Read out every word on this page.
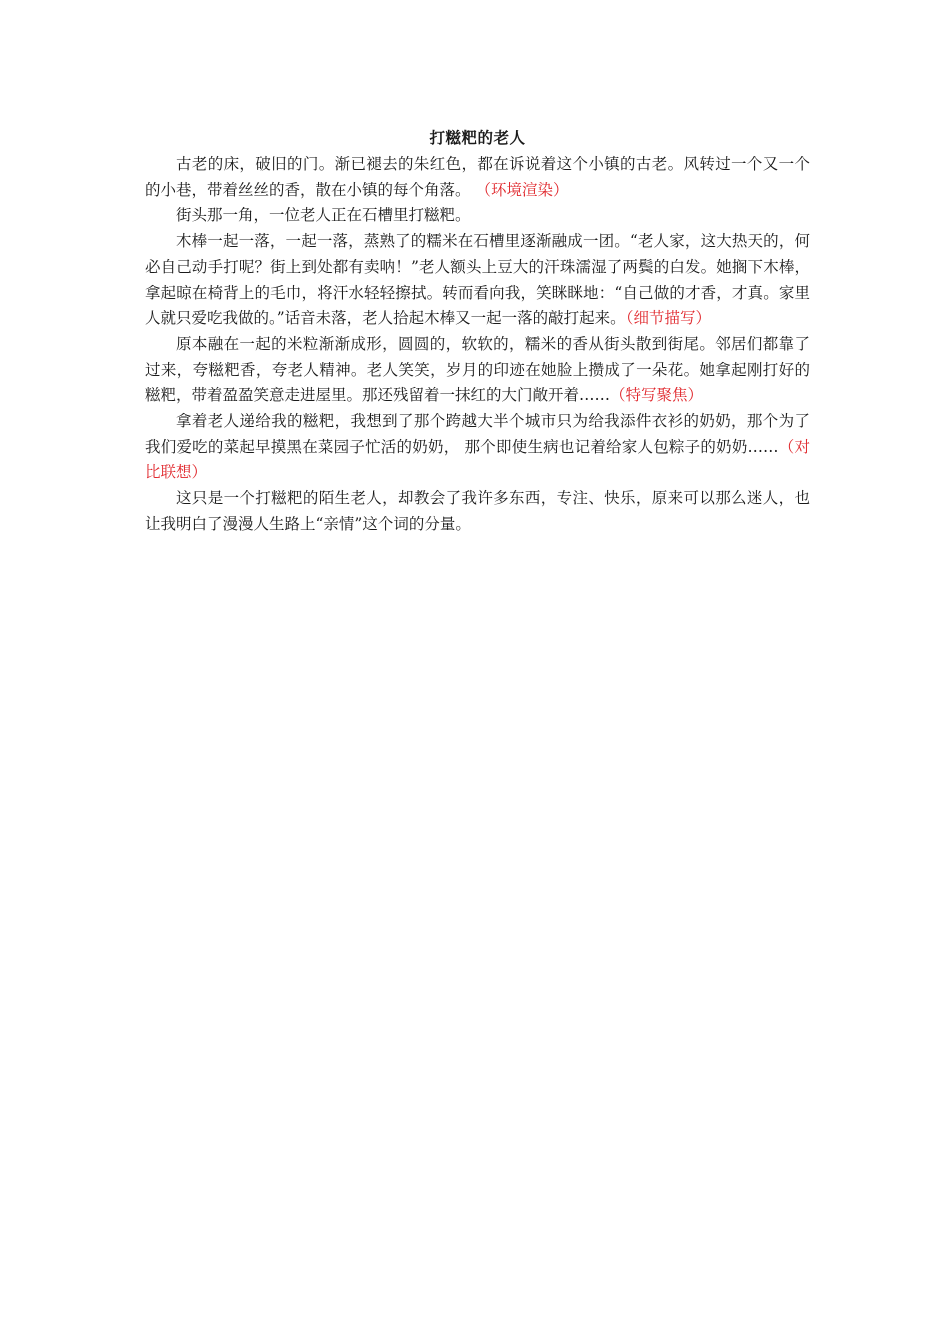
打糍粑的老人

古老的床，破旧的门。渐已褪去的朱红色，都在诉说着这个小镇的古老。风转过一个又一个的小巷，带着丝丝的香，散在小镇的每个角落。 （环境渲染）

街头那一角，一位老人正在石槽里打糍粑。

木棒一起一落，一起一落，蒸熟了的糯米在石槽里逐渐融成一团。“老人家，这大热天的，何必自己动手打呢？街上到处都有卖呐！”老人额头上豆大的汗珠濡湿了两鬓的白发。她搁下木棒，拿起晾在椅背上的毛巾，将汗水轻轻擦拭。转而看向我，笑眯眯地：“自己做的才香，才真。家里人就只爱吃我做的。”话音未落，老人拾起木棒又一起一落的敲打起来。（细节描写）

原本融在一起的米粒渐渐成形，圆圆的，软软的，糯米的香从街头散到街尾。邻居们都靠了过来，夸糍粑香，夸老人精神。老人笑笑，岁月的印迹在她脸上攒成了一朵花。她拿起刚打好的糍粑，带着盈盈笑意走进屋里。那还残留着一抹红的大门敞开着……（特写聚焦）

拿着老人递给我的糍粑，我想到了那个跨越大半个城市只为给我添件衣衫的奶奶，那个为了我们爱吃的菜起早摸黑在菜园子忙活的奶奶， 那个即使生病也记着给家人包粽子的奶奶……（对比联想）

这只是一个打糍粑的陌生老人，却教会了我许多东西，专注、快乐，原来可以那么迷人，也让我明白了漫漫人生路上“亲情”这个词的分量。
